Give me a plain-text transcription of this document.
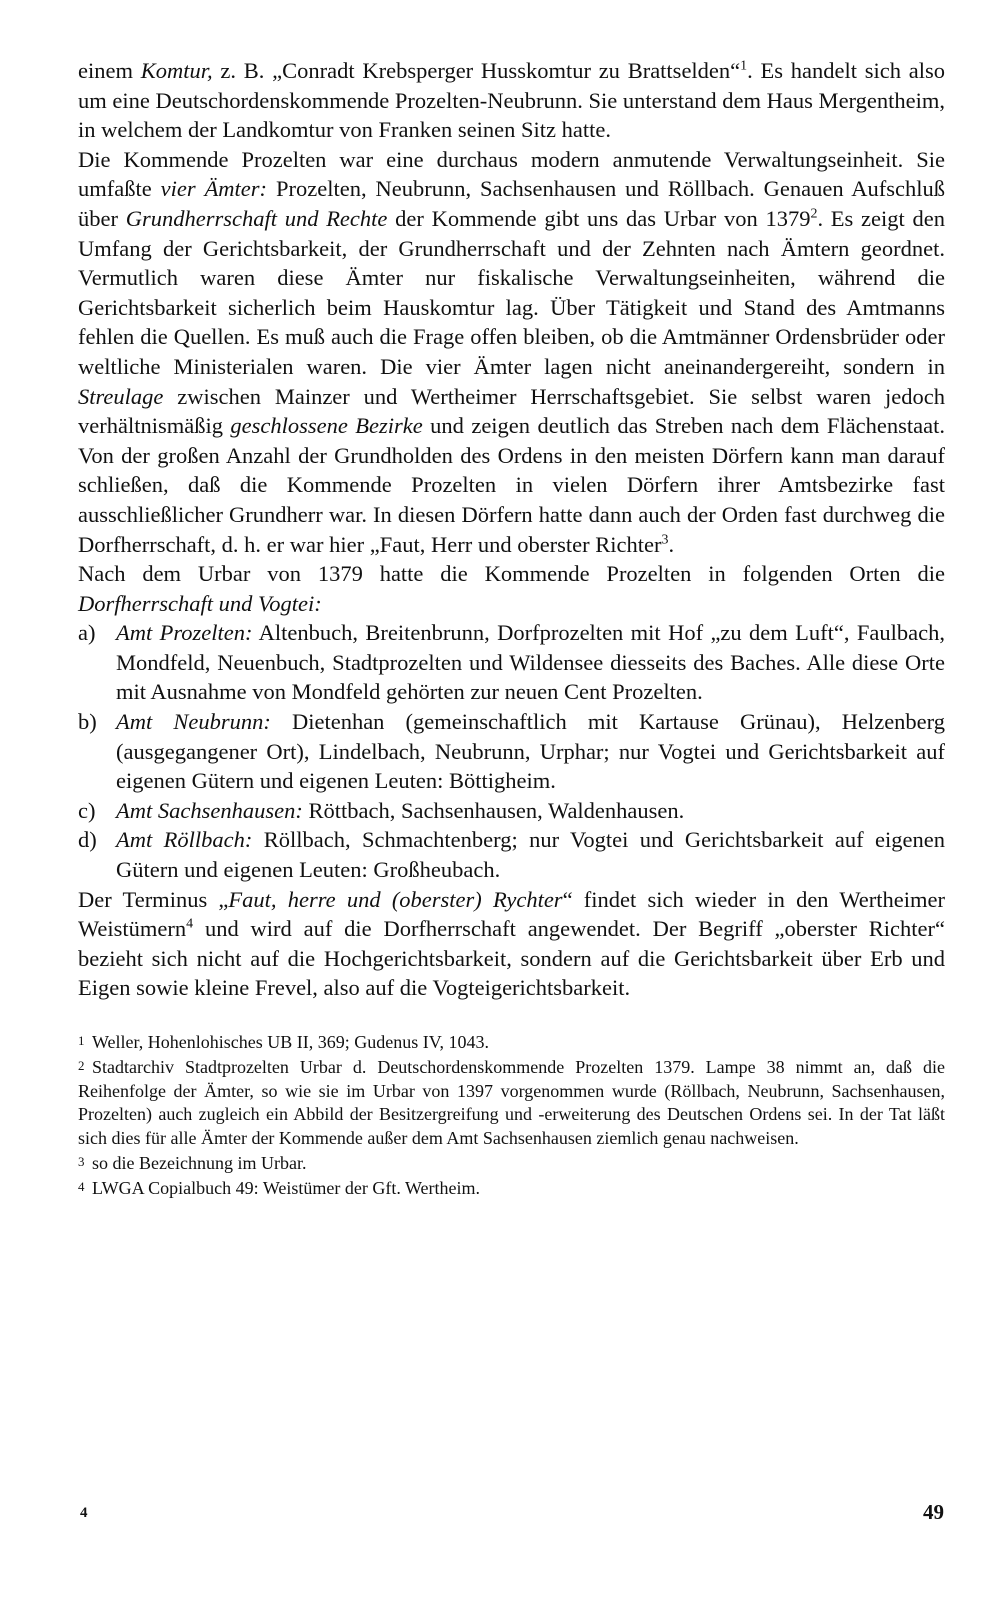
einem Komtur, z. B. „Conradt Krebsperger Husskomtur zu Brattselden“$^1$. Es handelt sich also um eine Deutschordenskommende Prozelten-Neubrunn. Sie unterstand dem Haus Mergentheim, in welchem der Landkomtur von Franken seinen Sitz hatte.

Die Kommende Prozelten war eine durchaus modern anmutende Verwaltungseinheit. Sie umfaßte vier Ämter: Prozelten, Neubrunn, Sachsenhausen und Röllbach. Genauen Aufschluß über Grundherrschaft und Rechte der Kommende gibt uns das Urbar von 1379$^2$. Es zeigt den Umfang der Gerichtsbarkeit, der Grundherrschaft und der Zehnten nach Ämtern geordnet. Vermutlich waren diese Ämter nur fiskalische Verwaltungseinheiten, während die Gerichtsbarkeit sicherlich beim Hauskomtur lag. Über Tätigkeit und Stand des Amtmanns fehlen die Quellen. Es muß auch die Frage offen bleiben, ob die Amtmänner Ordensbrüder oder weltliche Ministerialen waren. Die vier Ämter lagen nicht aneinandergereiht, sondern in Streulage zwischen Mainzer und Wertheimer Herrschaftsgebiet. Sie selbst waren jedoch verhältnismäßig geschlossene Bezirke und zeigen deutlich das Streben nach dem Flächenstaat. Von der großen Anzahl der Grundholden des Ordens in den meisten Dörfern kann man darauf schließen, daß die Kommende Prozelten in vielen Dörfern ihrer Amtsbezirke fast ausschließlicher Grundherr war. In diesen Dörfern hatte dann auch der Orden fast durchweg die Dorfherrschaft, d. h. er war hier „Faut, Herr und oberster Richter$^3$.

Nach dem Urbar von 1379 hatte die Kommende Prozelten in folgenden Orten die Dorfherrschaft und Vogtei:

a) Amt Prozelten: Altenbuch, Breitenbrunn, Dorfprozelten mit Hof „zu dem Luft“, Faulbach, Mondfeld, Neuenbuch, Stadtprozelten und Wildensee diesseits des Baches. Alle diese Orte mit Ausnahme von Mondfeld gehörten zur neuen Cent Prozelten.
b) Amt Neubrunn: Dietenhan (gemeinschaftlich mit Kartause Grünau), Helzenberg (ausgegangener Ort), Lindelbach, Neubrunn, Urphar; nur Vogtei und Gerichtsbarkeit auf eigenen Gütern und eigenen Leuten: Böttigheim.
c) Amt Sachsenhausen: Röttbach, Sachsenhausen, Waldenhausen.
d) Amt Röllbach: Röllbach, Schmachtenberg; nur Vogtei und Gerichtsbarkeit auf eigenen Gütern und eigenen Leuten: Großheubach.

Der Terminus „Faut, herre und (oberster) Rychter“ findet sich wieder in den Wertheimer Weistümern$^4$ und wird auf die Dorfherrschaft angewendet. Der Begriff „oberster Richter“ bezieht sich nicht auf die Hochgerichtsbarkeit, sondern auf die Gerichtsbarkeit über Erb und Eigen sowie kleine Frevel, also auf die Vogteigerichtsbarkeit.

1 Weller, Hohenlohisches UB II, 369; Gudenus IV, 1043.

2 Stadtarchiv Stadtprozelten Urbar d. Deutschordenskommende Prozelten 1379. Lampe 38 nimmt an, daß die Reihenfolge der Ämter, so wie sie im Urbar von 1397 vorgenommen wurde (Röllbach, Neubrunn, Sachsenhausen, Prozelten) auch zugleich ein Abbild der Besitzergreifung und -erweiterung des Deutschen Ordens sei. In der Tat läßt sich dies für alle Ämter der Kommende außer dem Amt Sachsenhausen ziemlich genau nachweisen.

3 so die Bezeichnung im Urbar.

4 LWGA Copialbuch 49: Weistümer der Gft. Wertheim.

4	49
